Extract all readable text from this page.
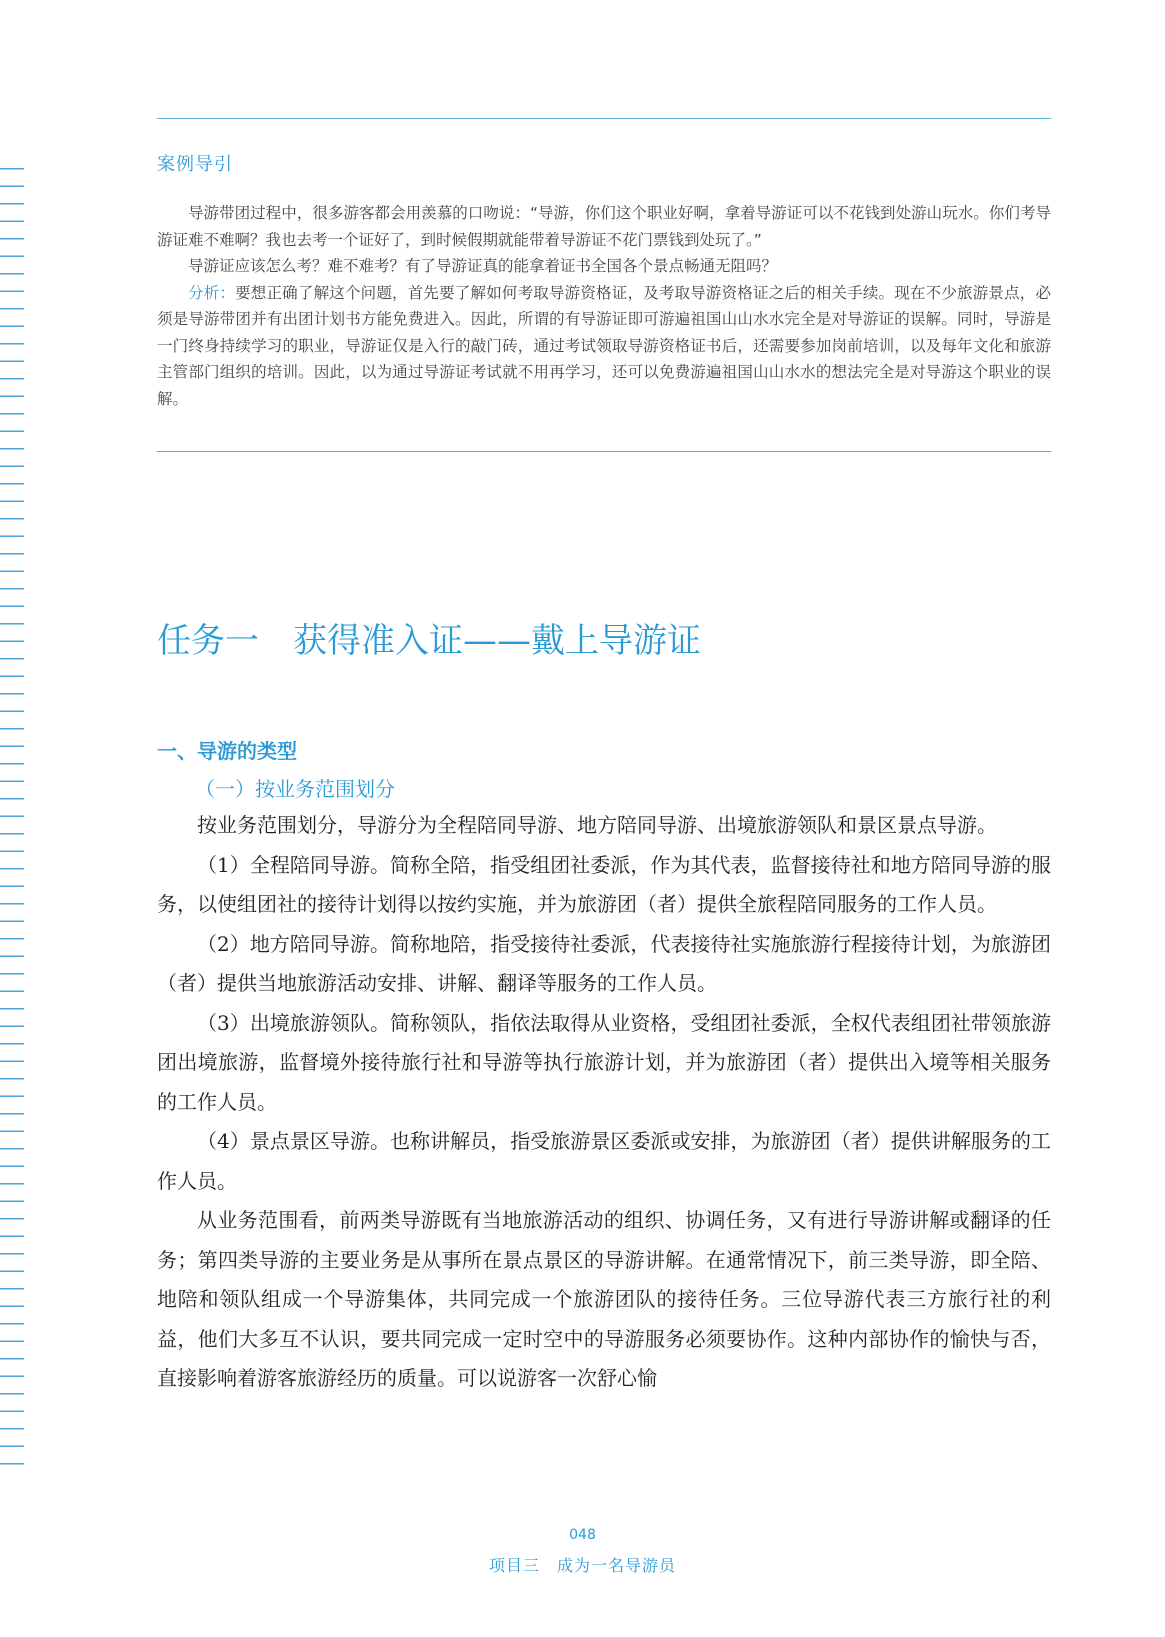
案例导引

导游带团过程中，很多游客都会用羡慕的口吻说：“导游，你们这个职业好啊，拿着导游证可以不花钱到处游山玩水。你们考导游证难不难啊？我也去考一个证好了，到时候假期就能带着导游证不花门票钱到处玩了。”

导游证应该怎么考？难不难考？有了导游证真的能拿着证书全国各个景点畅通无阻吗？

分析：要想正确了解这个问题，首先要了解如何考取导游资格证，及考取导游资格证之后的相关手续。现在不少旅游景点，必须是导游带团并有出团计划书方能免费进入。因此，所谓的有导游证即可游遍祖国山山水水完全是对导游证的误解。同时，导游是一门终身持续学习的职业，导游证仅是入行的敲门砖，通过考试领取导游资格证书后，还需要参加岗前培训，以及每年文化和旅游主管部门组织的培训。因此，以为通过导游证考试就不用再学习，还可以免费游遍祖国山山水水的想法完全是对导游这个职业的误解。

任务一 获得准入证——戴上导游证
一、导游的类型
（一）按业务范围划分

按业务范围划分，导游分为全程陪同导游、地方陪同导游、出境旅游领队和景区景点导游。

（1）全程陪同导游。简称全陪，指受组团社委派，作为其代表，监督接待社和地方陪同导游的服务，以使组团社的接待计划得以按约实施，并为旅游团（者）提供全旅程陪同服务的工作人员。

（2）地方陪同导游。简称地陪，指受接待社委派，代表接待社实施旅游行程接待计划，为旅游团（者）提供当地旅游活动安排、讲解、翻译等服务的工作人员。

（3）出境旅游领队。简称领队，指依法取得从业资格，受组团社委派，全权代表组团社带领旅游团出境旅游，监督境外接待旅行社和导游等执行旅游计划，并为旅游团（者）提供出入境等相关服务的工作人员。

（4）景点景区导游。也称讲解员，指受旅游景区委派或安排，为旅游团（者）提供讲解服务的工作人员。

从业务范围看，前两类导游既有当地旅游活动的组织、协调任务，又有进行导游讲解或翻译的任务；第四类导游的主要业务是从事所在景点景区的导游讲解。在通常情况下，前三类导游，即全陪、地陪和领队组成一个导游集体，共同完成一个旅游团队的接待任务。三位导游代表三方旅行社的利益，他们大多互不认识，要共同完成一定时空中的导游服务必须要协作。这种内部协作的愉快与否，直接影响着游客旅游经历的质量。可以说游客一次舒心愉

048
项目三　成为一名导游员
